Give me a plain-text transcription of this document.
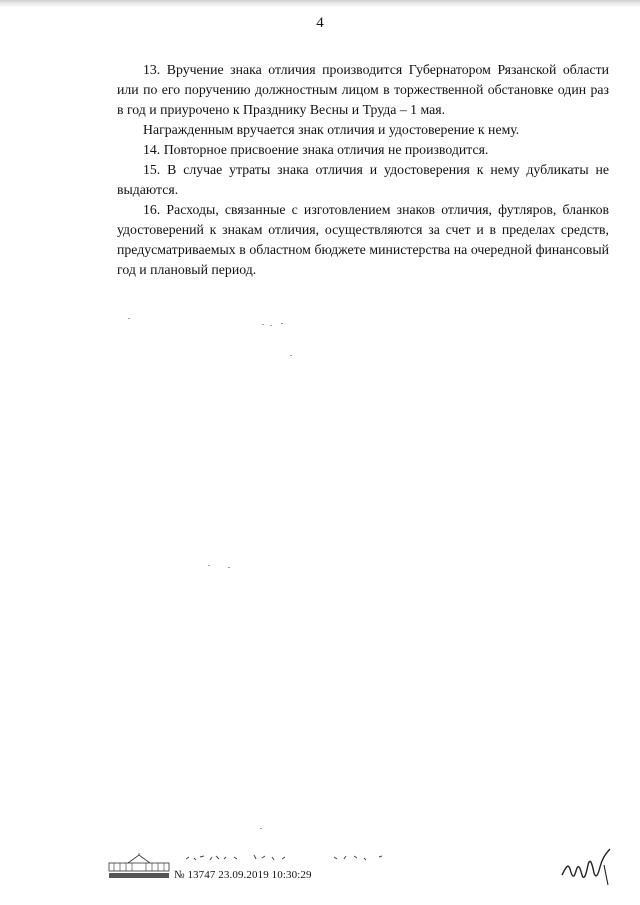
4

13. Вручение знака отличия производится Губернатором Рязанской области или по его поручению должностным лицом в торжественной обстановке один раз в год и приурочено к Празднику Весны и Труда – 1 мая.

Награжденным вручается знак отличия и удостоверение к нему.

14. Повторное присвоение знака отличия не производится.

15. В случае утраты знака отличия и удостоверения к нему дубликаты не выдаются.

16. Расходы, связанные с изготовлением знаков отличия, футляров, бланков удостоверений к знакам отличия, осуществляются за счет и в пределах средств, предусматриваемых в областном бюджете министерства на очередной финансовый год и плановый период.

№ 13747 23.09.2019 10:30:29
